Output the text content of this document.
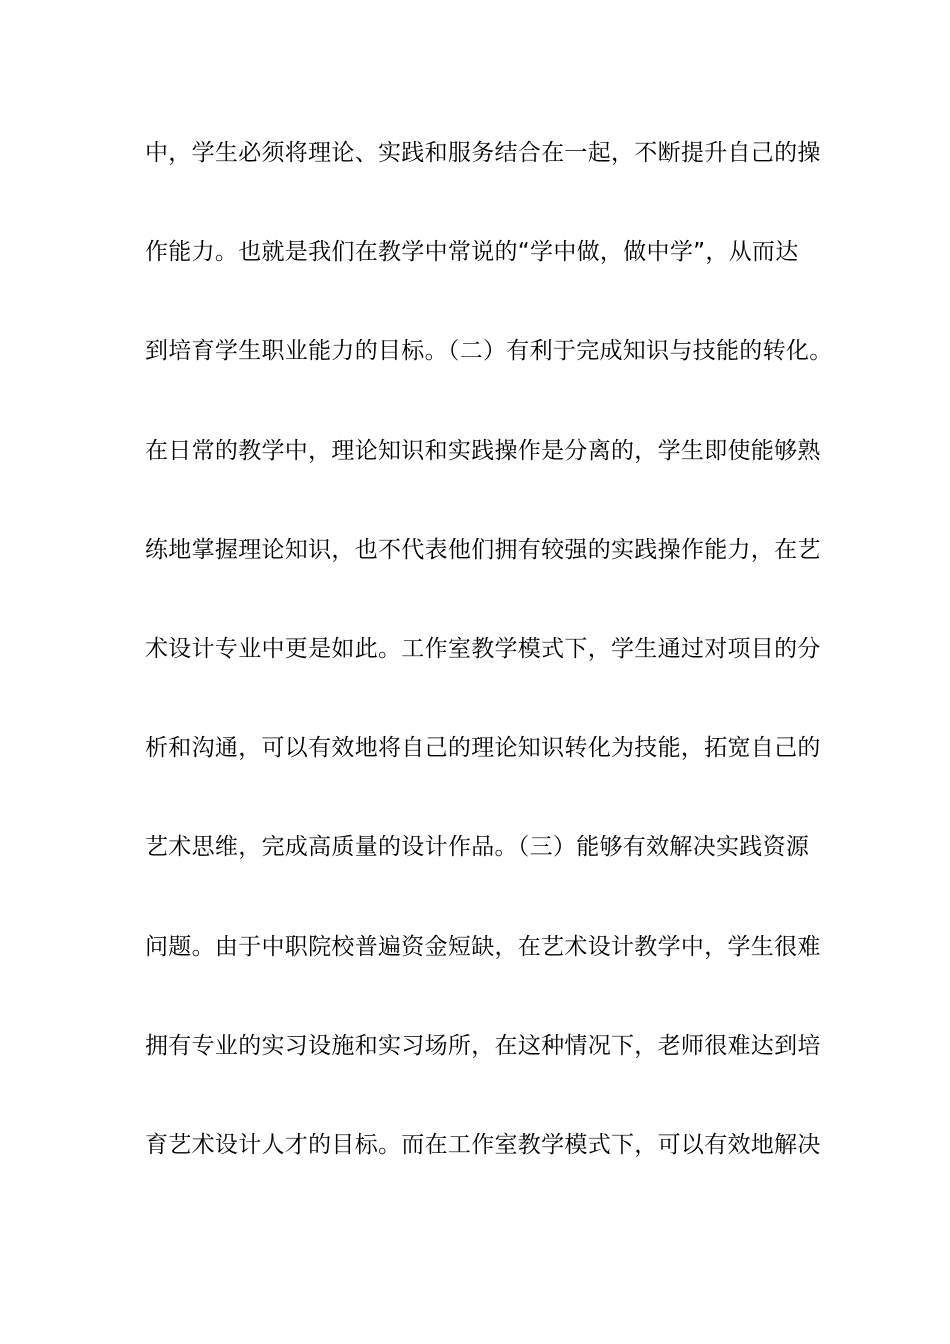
中，学生必须将理论、实践和服务结合在一起，不断提升自己的操
作能力。也就是我们在教学中常说的“学中做，做中学”，从而达
到培育学生职业能力的目标。（二）有利于完成知识与技能的转化。
在日常的教学中，理论知识和实践操作是分离的，学生即使能够熟
练地掌握理论知识，也不代表他们拥有较强的实践操作能力，在艺
术设计专业中更是如此。工作室教学模式下，学生通过对项目的分
析和沟通，可以有效地将自己的理论知识转化为技能，拓宽自己的
艺术思维，完成高质量的设计作品。（三）能够有效解决实践资源
问题。由于中职院校普遍资金短缺，在艺术设计教学中，学生很难
拥有专业的实习设施和实习场所，在这种情况下，老师很难达到培
育艺术设计人才的目标。而在工作室教学模式下，可以有效地解决
